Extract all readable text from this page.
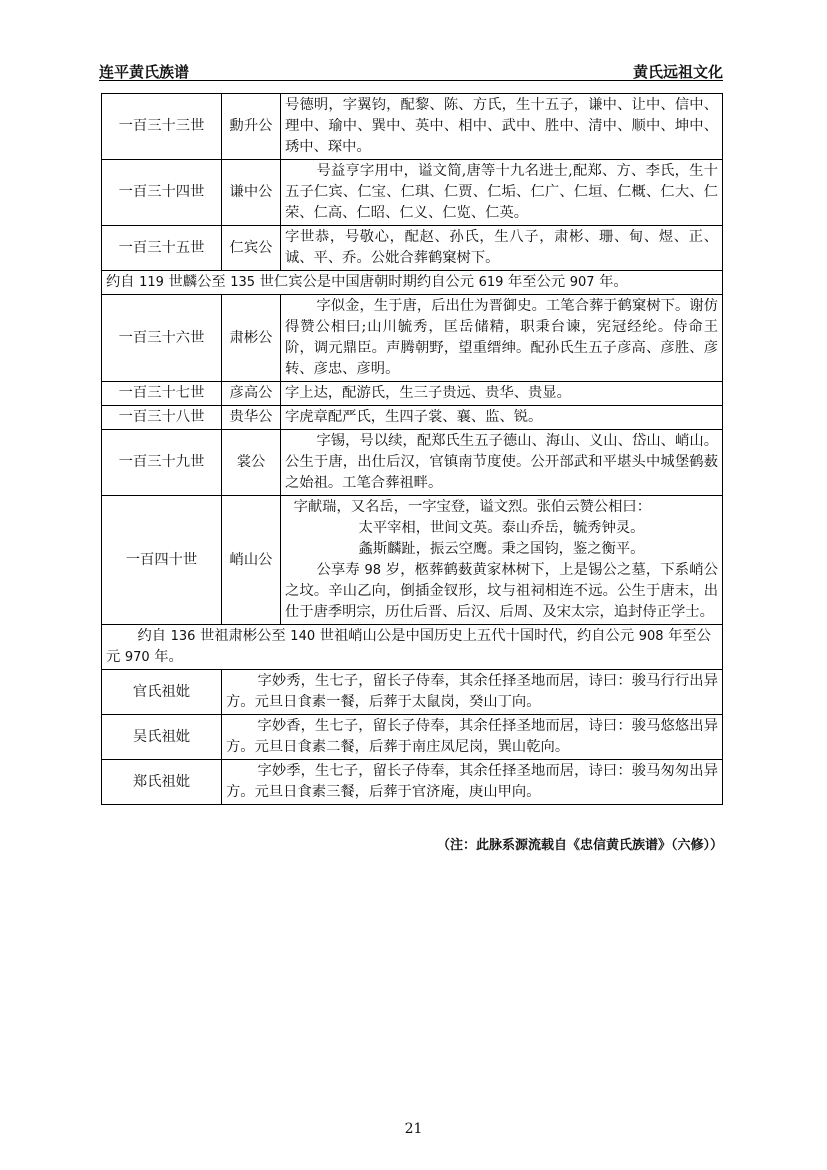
连平黄氏族谱	黄氏远祖文化
一百三十三世	勳升公	号德明，字翼钧，配黎、陈、方氏，生十五子，谦中、让中、信中、理中、瑜中、巽中、英中、相中、武中、胜中、清中、顺中、坤中、琇中、琛中。
一百三十四世	谦中公	号益亨字用中，谥文简,唐等十九名进士,配郑、方、李氏，生十五子仁宾、仁宝、仁琪、仁贾、仁垢、仁广、仁垣、仁概、仁大、仁荣、仁高、仁昭、仁义、仁览、仁英。
一百三十五世	仁宾公	字世恭，号敬心，配赵、孙氏，生八子，肃彬、珊、甸、煜、正、诚、平、乔。公妣合葬鹤窠树下。
约自 119 世麟公至 135 世仁宾公是中国唐朝时期约自公元 619 年至公元 907 年。		
一百三十六世	肃彬公	字似金，生于唐，后出仕为晋御史。工笔合葬于鹤窠树下。谢仿得赞公相曰;山川毓秀，匡岳储精，职秉台谏，宪冠经纶。侍命王阶，调元鼎臣。声腾朝野，望重缙绅。配孙氏生五子彦高、彦胜、彦转、彦忠、彦明。
一百三十七世	彦高公	字上达，配游氏，生三子贵远、贵华、贵显。
一百三十八世	贵华公	字虎章配严氏，生四子裳、襄、监、锐。
一百三十九世	裳公	字锡，号以续，配郑氏生五子德山、海山、义山、岱山、峭山。公生于唐，出仕后汉，官镇南节度使。公开部武和平堪头中城堡鹤薮之始祖。工笔合葬祖畔。
一百四十世	峭山公	字献瑞，又名岳，一字宝登，谥文烈。张伯云赞公相曰：
太平宰相，世间文英。泰山乔岳，毓秀钟灵。
螽斯麟趾，振云空鹰。秉之国钧，鉴之衡平。
公享寿 98 岁，柩葬鹤薮黄家林树下，上是锡公之墓，下系峭公之坟。辛山乙向，倒插金钗形，坟与祖祠相连不远。公生于唐末，出仕于唐季明宗，历仕后晋、后汉、后周、及宋太宗，追封侍正学士。

约自 136 世祖肃彬公至 140 世祖峭山公是中国历史上五代十国时代，约自公元 908 年至公元 970 年。		
官氏祖妣	字妙秀，生七子，留长子侍奉，其余任择圣地而居，诗曰：骏马行行出异方。元旦日食素一餐，后葬于太鼠岗，癸山丁向。	
吴氏祖妣	字妙香，生七子，留长子侍奉，其余任择圣地而居，诗曰：骏马悠悠出异方。元旦日食素二餐，后葬于南庄凤尼岗，巽山乾向。	
郑氏祖妣	字妙季，生七子，留长子侍奉，其余任择圣地而居，诗曰：骏马匆匆出异方。元旦日食素三餐，后葬于官济庵，庚山甲向。	
（注：此脉系源流载自《忠信黄氏族谱》（六修））
21
